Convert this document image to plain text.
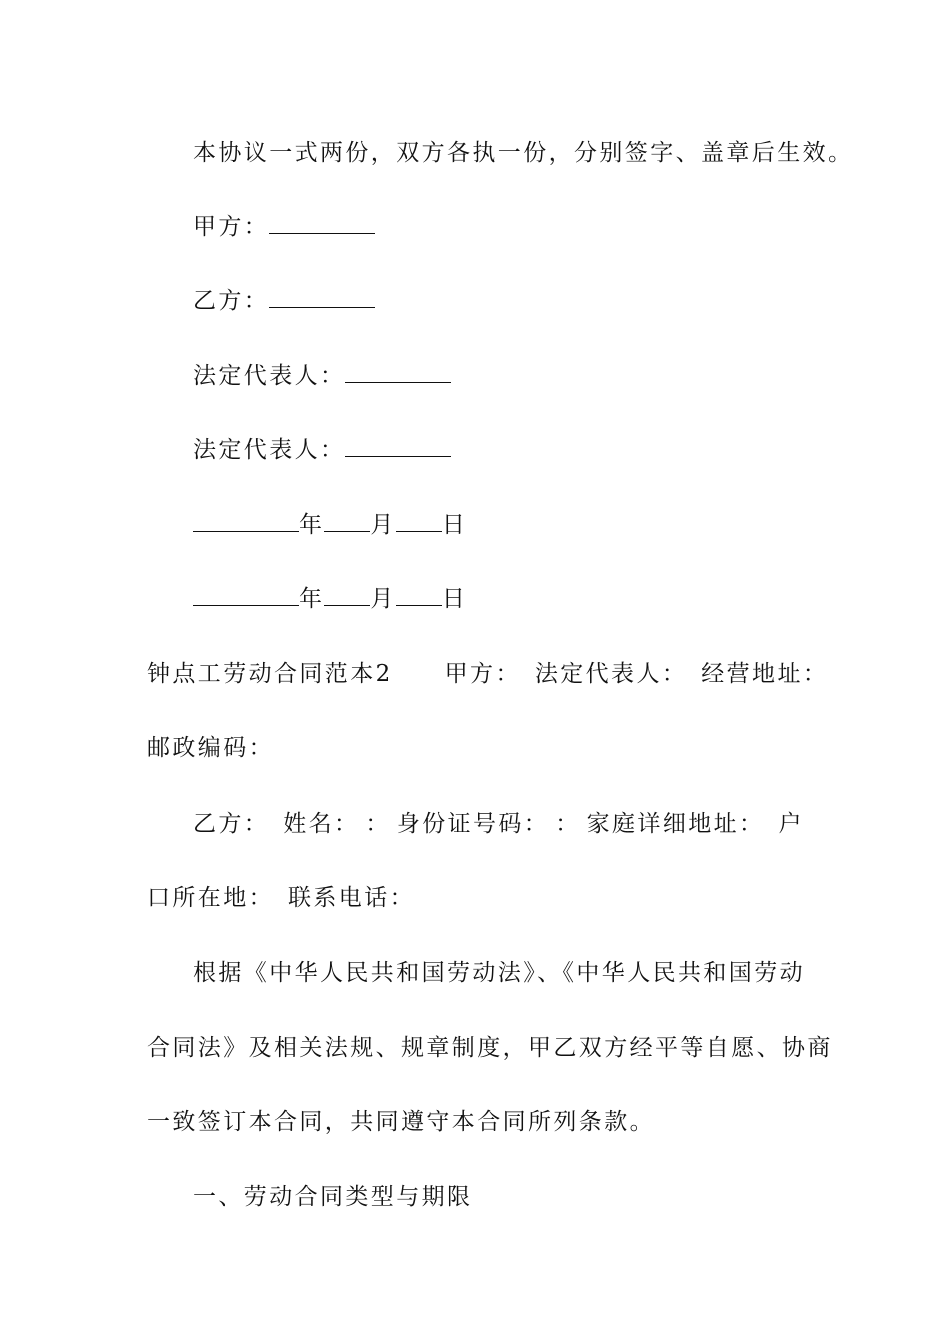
本协议一式两份，双方各执一份，分别签字、盖章后生效。
甲方：
乙方：
法定代表人：
法定代表人：
年 月 日
年 月 日
钟点工劳动合同范本2 甲方： 法定代表人： 经营地址：
邮政编码：
乙方： 姓名： ： 身份证号码： ： 家庭详细地址： 户
口所在地： 联系电话：
根据《中华人民共和国劳动法》、《中华人民共和国劳动
合同法》及相关法规、规章制度，甲乙双方经平等自愿、协商
一致签订本合同，共同遵守本合同所列条款。
一、劳动合同类型与期限
